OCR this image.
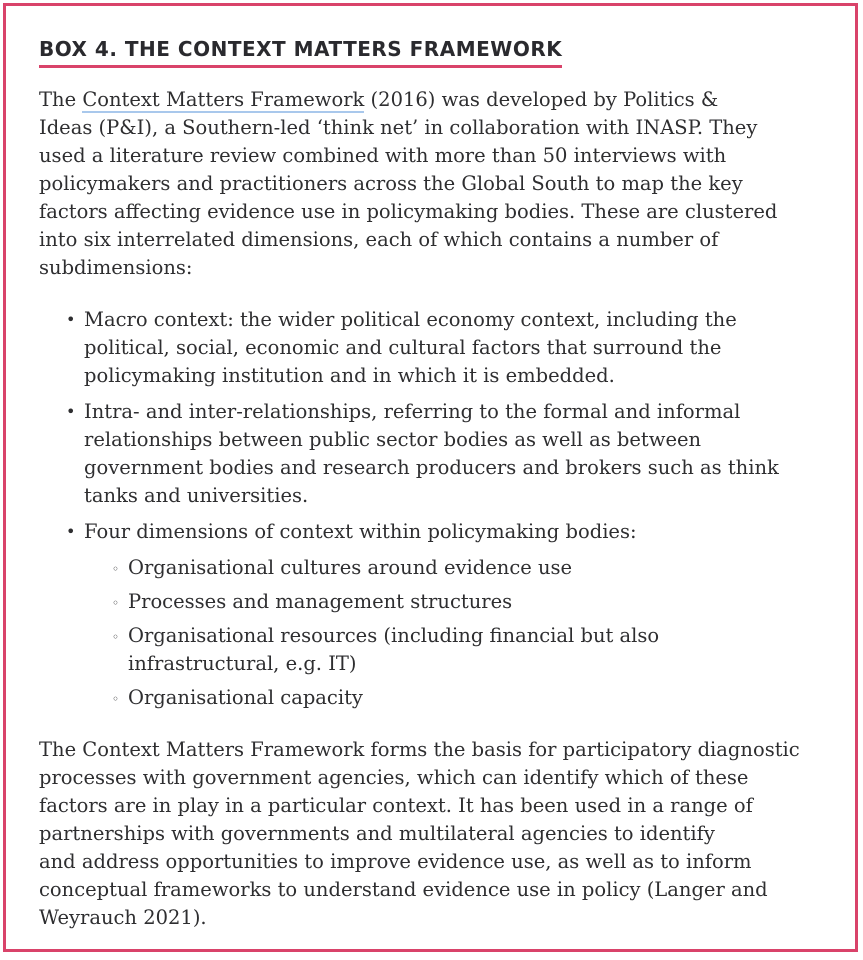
BOX 4. THE CONTEXT MATTERS FRAMEWORK
The Context Matters Framework (2016) was developed by Politics &
Ideas (P&I), a Southern-led ‘think net’ in collaboration with INASP. They
used a literature review combined with more than 50 interviews with
policymakers and practitioners across the Global South to map the key
factors affecting evidence use in policymaking bodies. These are clustered
into six interrelated dimensions, each of which contains a number of
subdimensions:
• Macro context: the wider political economy context, including the
political, social, economic and cultural factors that surround the
policymaking institution and in which it is embedded.
• Intra- and inter-relationships, referring to the formal and informal
relationships between public sector bodies as well as between
government bodies and research producers and brokers such as think
tanks and universities.
• Four dimensions of context within policymaking bodies:
◦ Organisational cultures around evidence use
◦ Processes and management structures
◦ Organisational resources (including financial but also
infrastructural, e.g. IT)
◦ Organisational capacity
The Context Matters Framework forms the basis for participatory diagnostic
processes with government agencies, which can identify which of these
factors are in play in a particular context. It has been used in a range of
partnerships with governments and multilateral agencies to identify
and address opportunities to improve evidence use, as well as to inform
conceptual frameworks to understand evidence use in policy (Langer and
Weyrauch 2021).
